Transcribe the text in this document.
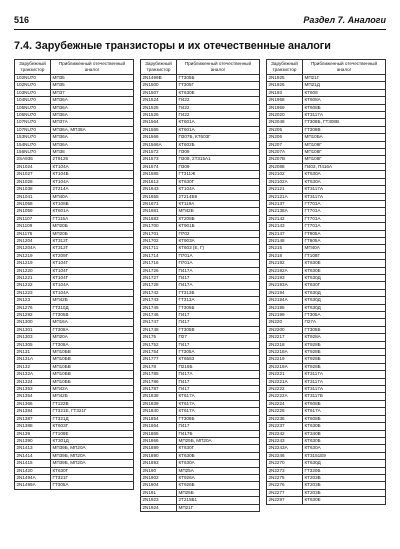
516	Раздел 7. Аналоги
7.4. Зарубежные транзисторы и их отечественные аналоги
Зарубежный транзистор	Приближенный отечественный аналог
102NU70	МП35
102NU70	МП35
103NU70	МП37
104NU70	МП36А
105NU70	МП36А
106NU70	МП36А
107NU70	МП37А
107NU70	МП36А, МП38А
153NU70	МП36А
154NU70	МП36А
156NU70	МП38
2SA935	2Т9126
2N1024	КТ104А
2N1027	КТ104Б
2N1028	КТ104А
2N1038	2Т214А
2N1041	МП40А
2N1058	КТ108Б
2N1059	КТ601А
2N1107	ГТ115А
2N1109	МП20Б
2N1175	МП20Б
2N1204	КТ312Г
2N1204A	КТ312Г
2N1219	КТ209Г
2N1219	КТ104Г
2N1220	КТ104Г
2N1221	КТ104Г
2N1222	КТ104А
2N1223	КТ104А
2N123	МП42Б
2N1276	ГТ310Д
2N1292	ГТ305В
2N1300	МП16А
2N1301	ГТ308А
2N1303	МП20А
2N1305	ГТ308А
2N131	МП10БВ
2N131A	МП10БВ
2N132	МП10БВ
2N132A	МП10БВ
2N1324	МП10ББ
2N1353	МП42А
2N1354	МП42Б
2N1366	ГТ122В
2N1384	ГТ321Е, ГТ321Г
2N1387	ГТ321Д
2N1388	КТ603Г
2N139	ГТ109Е
2N1390	КТ301Д
2N1413	МП39Б, МП20А
2N1414	МП39Б, МП20А
2N1415	МП39Б, МП20А
2N1420	КТ630Г
2N1494A	ГТ321Г
2N1499A	ГТ305А
Зарубежный транзистор	Приближенный отечественный аналог
2N1499B	ГТ305Б
2N1500	ГТ305Г
2N1507	КТ630Е
2N1524	П422
2N1525	П422
2N1526	П422
2N1564	КТ601А
2N1565	КТ601А
2N1566	П307Б, КТ603Г
2N1566A	КТ602Б
2N1572	П309
2N1573	П308, 2Т315А1
2N1574	П309
2N1585	ГТ311Ж
2N1613	КТ630Г
2N1643	КТ104А
2N1655	2Т214Б9
2N1671	КТ119А
2N1681	МП42Б
2N1683	КТ208Б
2N1700	КТ901Б
2N1701	П702
2N1702	КТ903А
2N1711	КТ603 (Е, Г)
2N1714	П701А
2N1716	П701А
2N1726	П417А
2N1727	П417
2N1728	П417А
2N1742	ГТ313Б
2N1743	ГТ313А
2N1745	ГТ305Б
2N1746	П417
2N1747	П417
2N1748	ГТ305В
2N175	П27
2N1752	П417
2N1754	ГТ305А
2N1777	КТ6553
2N178	П216Б
2N1785	П417А
2N1786	П417
2N1787	П417
2N1838	КТ617А
2N1839	КТ617А
2N1840	КТ617А
2N1854	ГТ308Б
2N1864	П417
2N1865	П417Б
2N1866	МП25Б, МП20А
2N1889	КТ630Г
2N1890	КТ630Б
2N1893	КТ630А
2N190	МП25А
2N1902	КТ926А
2N1904	КТ926Б
2N191	МП25Б
2N1923	2Т215Б1
2N1924	МП21Г
Зарубежный транзистор	Приближенный отечественный аналог
2N1925	МП21Г
2N1926	МП21Д
2N193	КТ608
2N1958	КТ608А
2N1959	КТ608Б
2N2020	КТ3117А
2N2048	ГТ308Б, ГТ308В
2N205	ГТ308В
2N206	МП10БА
2N207	МП108Г
2N207A	МП108Г
2N207B	МП108Г
2N2088	П403, П416А
2N2102	КТ630А
2N2102A	КТ630А
2N2121	КТ3117А
2N2121A	КТ3117А
2N2137	ГТ701А
2N2138A	ГТ701А
2N2142	ГТ701А
2N2143	ГТ701А
2N2147	ГТ905А
2N2148	ГТ905А
2N215	МП40А
2N218	ГТ108Г
2N2192	КТ630Е
2N2192A	КТ630Е
2N2193	КТ630Д
2N2193A	КТ630Г
2N2194	КТ630Д
2N2194A	КТ630Д
2N2195	КТ630Д
2N2199	ГТ305А
2N220	П27А
2N2200	ГТ305Б
2N2217	КТ928А
2N2218	КТ928Б
2N2218A	КТ928Б
2N2219	КТ928Б
2N2219A	КТ928Б
2N2221	КТ3117А
2N2221A	КТ3117А
2N2222	КТ3117А
2N2222A	КТ3117Б
2N2224	КТ608Б
2N2226	КТ617А
2N2236	КТ608Б
2N2237	КТ630Б
2N2242	КТ340В
2N2243	КТ630Б
2N2243A	КТ630А
2N2246	КТ3151Е9
2N2270	КТ630Д
2N2273	ГТ320Б
2N2275	КТ203В
2N2276	КТ203Б
2N2277	КТ203Б
2N2297	КТ630Е
